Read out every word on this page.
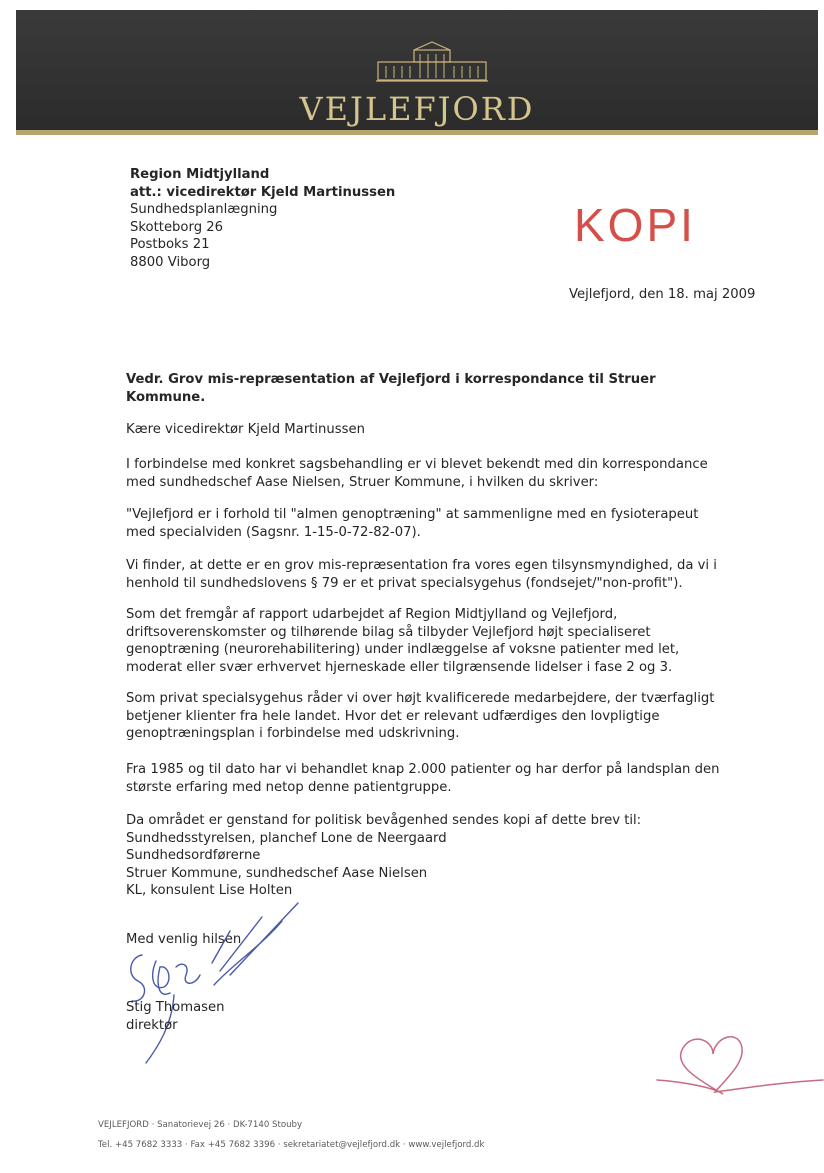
VEJLEFJORD
Region Midtjylland
att.: vicedirektør Kjeld Martinussen
Sundhedsplanlægning
Skotteborg 26
Postboks 21
8800 Viborg
KOPI
Vejlefjord, den 18. maj 2009
Vedr. Grov mis-repræsentation af Vejlefjord i korrespondance til Struer
Kommune.
Kære vicedirektør Kjeld Martinussen
I forbindelse med konkret sagsbehandling er vi blevet bekendt med din korrespondance
med sundhedschef Aase Nielsen, Struer Kommune, i hvilken du skriver:
"Vejlefjord er i forhold til "almen genoptræning" at sammenligne med en fysioterapeut
med specialviden (Sagsnr. 1-15-0-72-82-07).
Vi finder, at dette er en grov mis-repræsentation fra vores egen tilsynsmyndighed, da vi i
henhold til sundhedslovens § 79 er et privat specialsygehus (fondsejet/"non-profit").
Som det fremgår af rapport udarbejdet af Region Midtjylland og Vejlefjord,
driftsoverenskomster og tilhørende bilag så tilbyder Vejlefjord højt specialiseret
genoptræning (neurorehabilitering) under indlæggelse af voksne patienter med let,
moderat eller svær erhvervet hjerneskade eller tilgrænsende lidelser i fase 2 og 3.
Som privat specialsygehus råder vi over højt kvalificerede medarbejdere, der tværfagligt
betjener klienter fra hele landet. Hvor det er relevant udfærdiges den lovpligtige
genoptræningsplan i forbindelse med udskrivning.
Fra 1985 og til dato har vi behandlet knap 2.000 patienter og har derfor på landsplan den
største erfaring med netop denne patientgruppe.
Da området er genstand for politisk bevågenhed sendes kopi af dette brev til:
Sundhedsstyrelsen, planchef Lone de Neergaard
Sundhedsordførerne
Struer Kommune, sundhedschef Aase Nielsen
KL, konsulent Lise Holten
Med venlig hilsen
Stig Thomasen
direktør
VEJLEFJORD · Sanatorievej 26 · DK-7140 Stouby
Tel. +45 7682 3333 · Fax +45 7682 3396 · sekretariatet@vejlefjord.dk · www.vejlefjord.dk
